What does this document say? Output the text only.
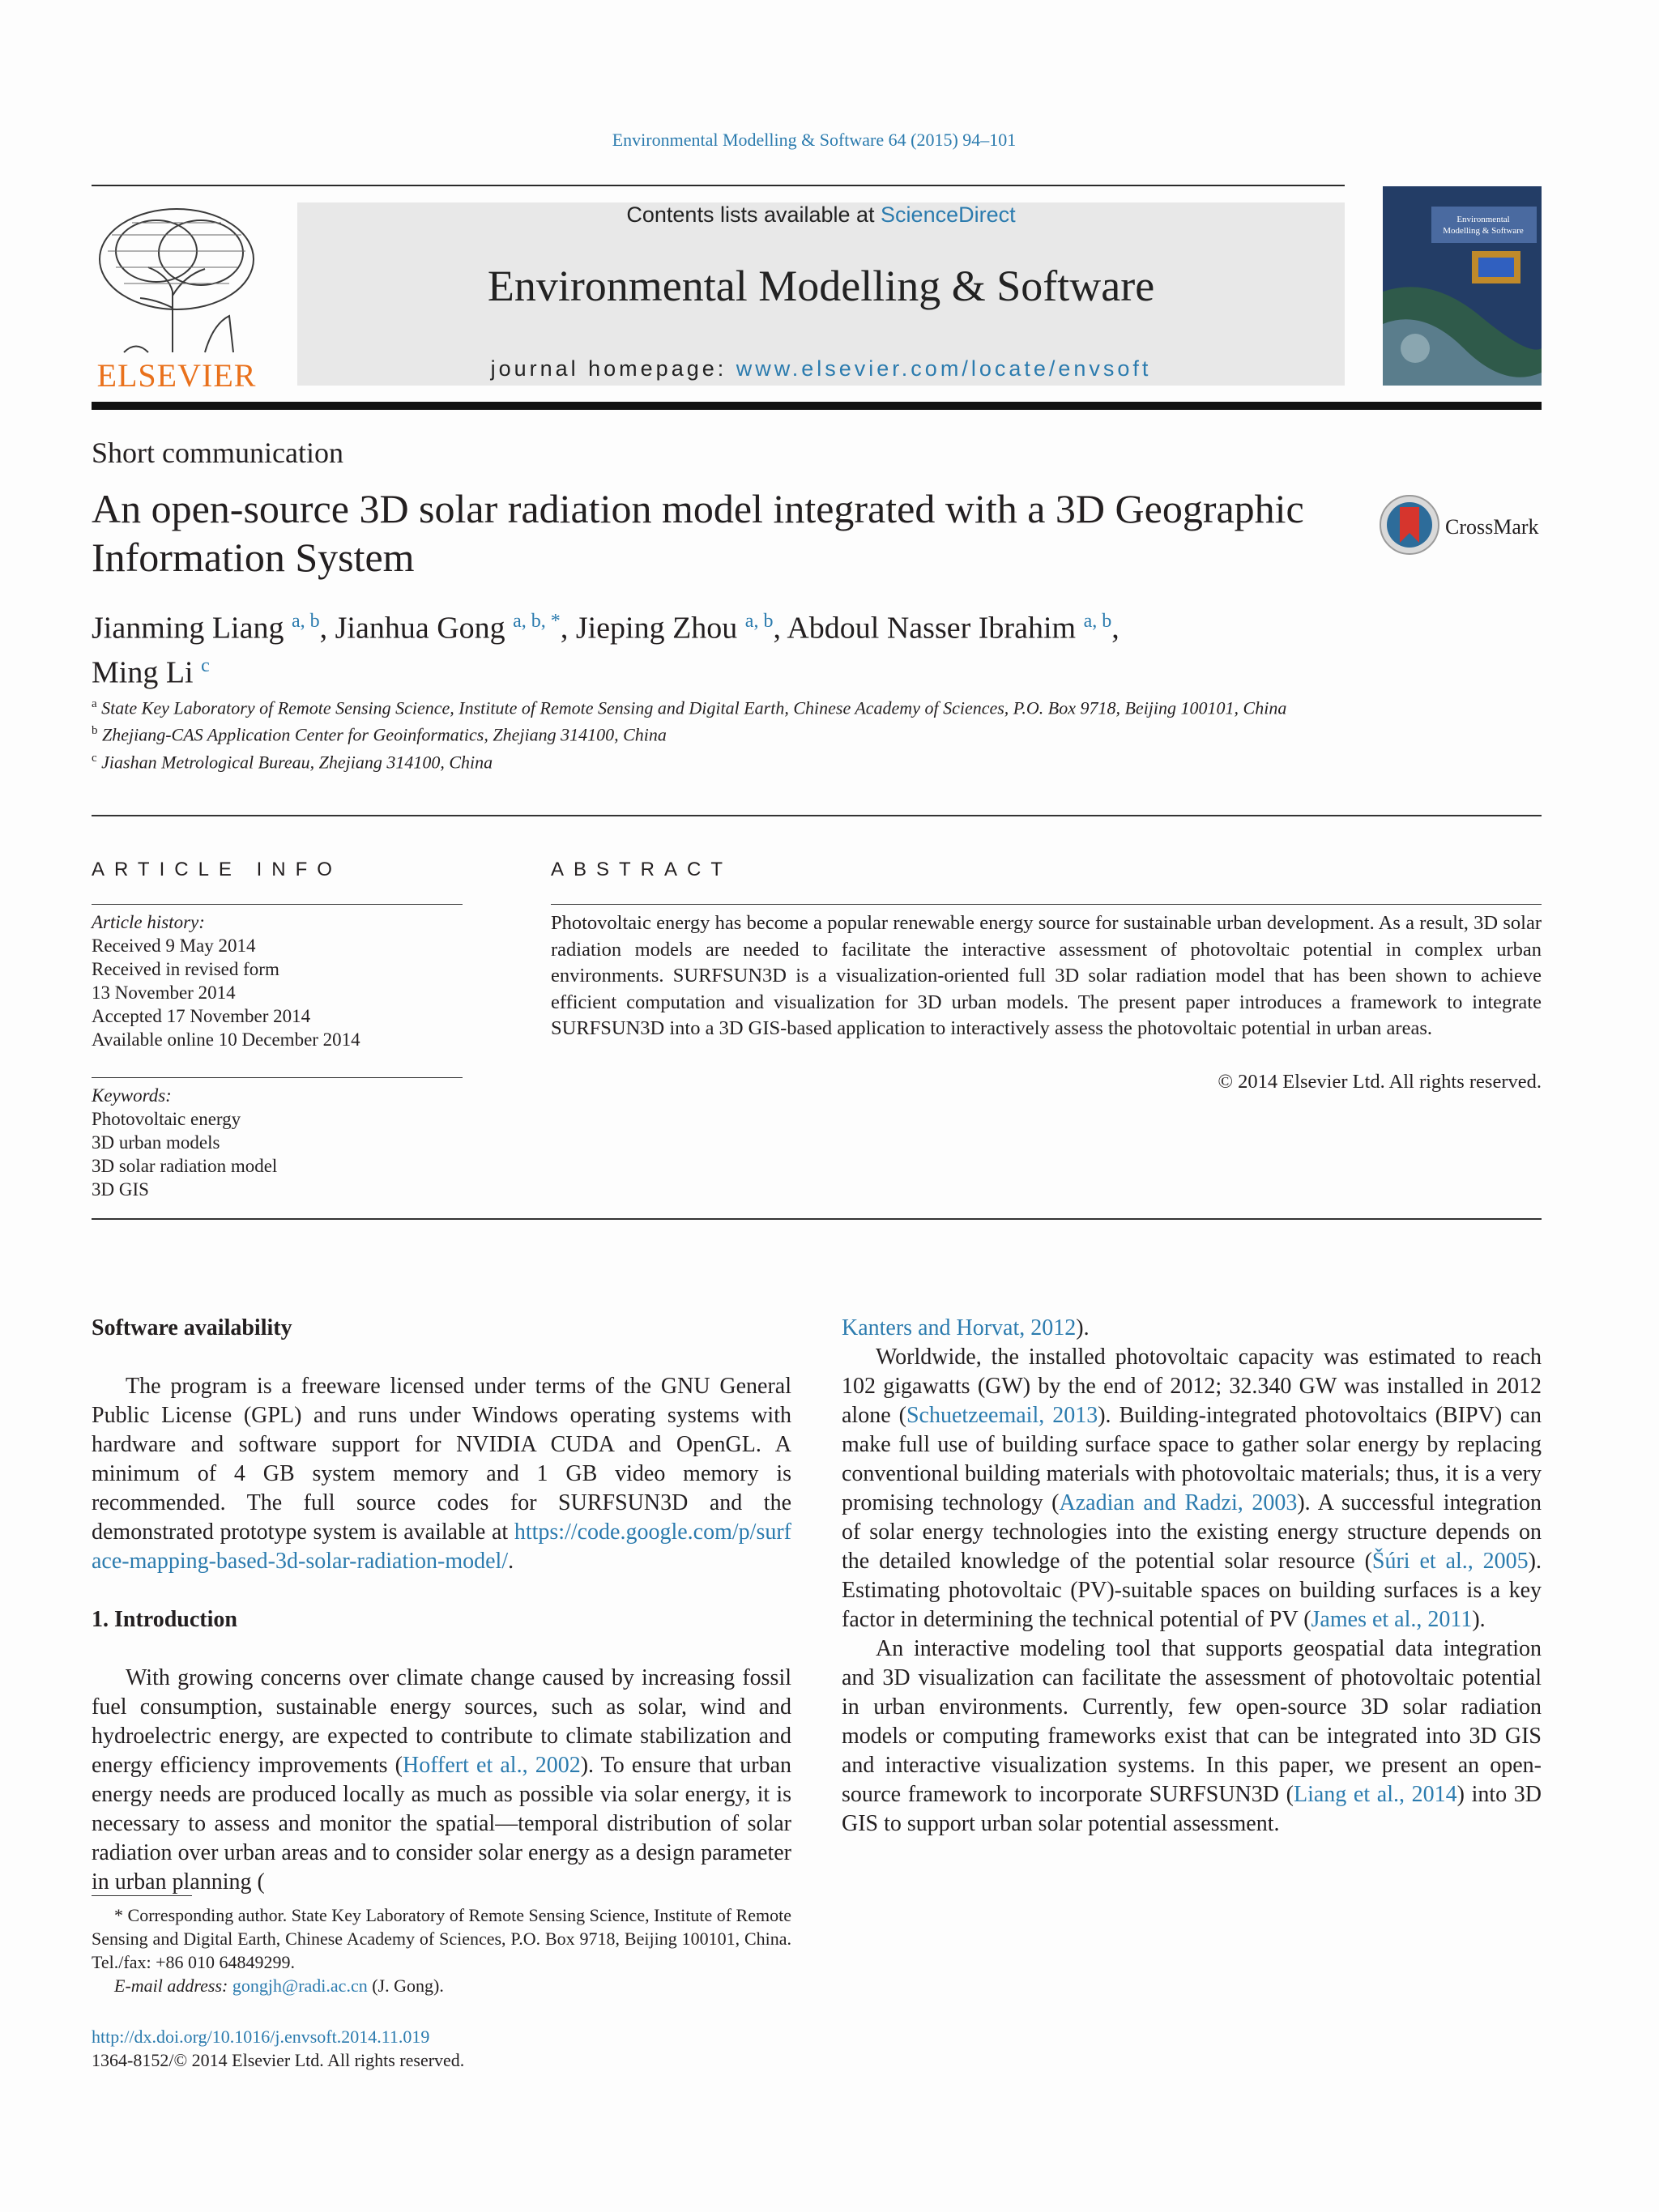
Environmental Modelling & Software 64 (2015) 94–101
ELSEVIER
Contents lists available at ScienceDirect
Environmental Modelling & Software
journal homepage: www.elsevier.com/locate/envsoft
Environmental
Modelling & Software
Short communication
An open-source 3D solar radiation model integrated with a 3D Geographic Information System
CrossMark
Jianming Liang $^{a, b}$, Jianhua Gong $^{a, b, *}$, Jieping Zhou $^{a, b}$, Abdoul Nasser Ibrahim $^{a, b}$,
Ming Li $^c$
$^a$ State Key Laboratory of Remote Sensing Science, Institute of Remote Sensing and Digital Earth, Chinese Academy of Sciences, P.O. Box 9718, Beijing 100101, China
$^b$ Zhejiang-CAS Application Center for Geoinformatics, Zhejiang 314100, China
$^c$ Jiashan Metrological Bureau, Zhejiang 314100, China
ARTICLE INFO
Article history:
Received 9 May 2014
Received in revised form
13 November 2014
Accepted 17 November 2014
Available online 10 December 2014
Keywords:
Photovoltaic energy
3D urban models
3D solar radiation model
3D GIS
ABSTRACT
Photovoltaic energy has become a popular renewable energy source for sustainable urban development. As a result, 3D solar radiation models are needed to facilitate the interactive assessment of photovoltaic potential in complex urban environments. SURFSUN3D is a visualization-oriented full 3D solar radiation model that has been shown to achieve efficient computation and visualization for 3D urban models. The present paper introduces a framework to integrate SURFSUN3D into a 3D GIS-based application to interactively assess the photovoltaic potential in urban areas.
© 2014 Elsevier Ltd. All rights reserved.

Software availability

The program is a freeware licensed under terms of the GNU General Public License (GPL) and runs under Windows operating systems with hardware and software support for NVIDIA CUDA and OpenGL. A minimum of 4 GB system memory and 1 GB video memory is recommended. The full source codes for SURFSUN3D and the demonstrated prototype system is available at https://code.google.com/p/surface-mapping-based-3d-solar-radiation-model/.

1. Introduction

With growing concerns over climate change caused by increasing fossil fuel consumption, sustainable energy sources, such as solar, wind and hydroelectric energy, are expected to contribute to climate stabilization and energy efficiency improvements (Hoffert et al., 2002). To ensure that urban energy needs are produced locally as much as possible via solar energy, it is necessary to assess and monitor the spatial—temporal distribution of solar radiation over urban areas and to consider solar energy as a design parameter in urban planning (

Kanters and Horvat, 2012).

Worldwide, the installed photovoltaic capacity was estimated to reach 102 gigawatts (GW) by the end of 2012; 32.340 GW was installed in 2012 alone (Schuetzeemail, 2013). Building-integrated photovoltaics (BIPV) can make full use of building surface space to gather solar energy by replacing conventional building materials with photovoltaic materials; thus, it is a very promising technology (Azadian and Radzi, 2003). A successful integration of solar energy technologies into the existing energy structure depends on the detailed knowledge of the potential solar resource (Šúri et al., 2005). Estimating photovoltaic (PV)-suitable spaces on building surfaces is a key factor in determining the technical potential of PV (James et al., 2011).

An interactive modeling tool that supports geospatial data integration and 3D visualization can facilitate the assessment of photovoltaic potential in urban environments. Currently, few open-source 3D solar radiation models or computing frameworks exist that can be integrated into 3D GIS and interactive visualization systems. In this paper, we present an open-source framework to incorporate SURFSUN3D (Liang et al., 2014) into 3D GIS to support urban solar potential assessment.

* Corresponding author. State Key Laboratory of Remote Sensing Science, Institute of Remote Sensing and Digital Earth, Chinese Academy of Sciences, P.O. Box 9718, Beijing 100101, China. Tel./fax: +86 010 64849299.

E-mail address: gongjh@radi.ac.cn (J. Gong).

http://dx.doi.org/10.1016/j.envsoft.2014.11.019
1364-8152/© 2014 Elsevier Ltd. All rights reserved.
